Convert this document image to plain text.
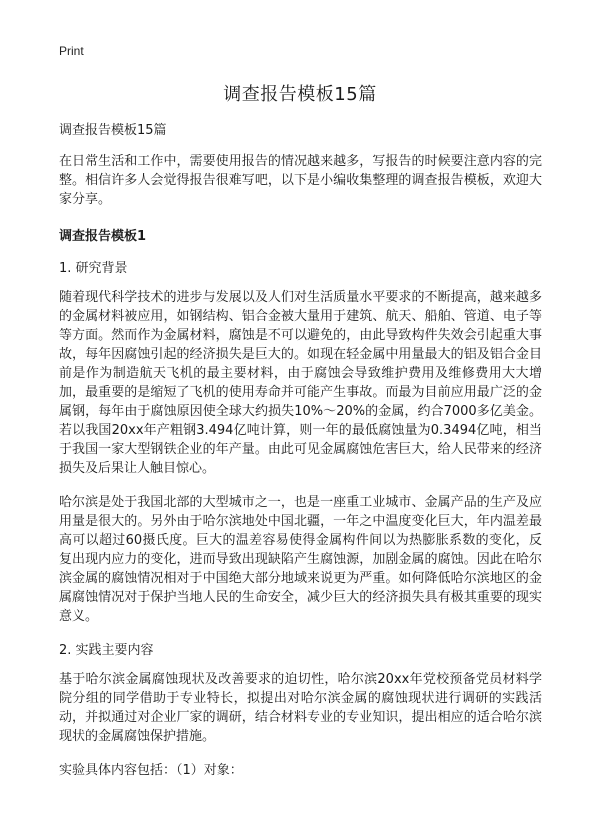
Print
调查报告模板15篇

调查报告模板15篇

在日常生活和工作中，需要使用报告的情况越来越多，写报告的时候要注意内容的完整。相信许多人会觉得报告很难写吧，以下是小编收集整理的调查报告模板，欢迎大家分享。

调查报告模板1

1. 研究背景

随着现代科学技术的进步与发展以及人们对生活质量水平要求的不断提高，越来越多的金属材料被应用，如钢结构、铝合金被大量用于建筑、航天、船舶、管道、电子等等方面。然而作为金属材料，腐蚀是不可以避免的，由此导致构件失效会引起重大事故，每年因腐蚀引起的经济损失是巨大的。如现在轻金属中用量最大的铝及铝合金目前是作为制造航天飞机的最主要材料，由于腐蚀会导致维护费用及维修费用大大增加，最重要的是缩短了飞机的使用寿命并可能产生事故。而最为目前应用最广泛的金属钢，每年由于腐蚀原因使全球大约损失10%～20%的金属，约合7000多亿美金。若以我国20xx年产粗钢3.494亿吨计算，则一年的最低腐蚀量为0.3494亿吨，相当于我国一家大型钢铁企业的年产量。由此可见金属腐蚀危害巨大，给人民带来的经济损失及后果让人触目惊心。

哈尔滨是处于我国北部的大型城市之一，也是一座重工业城市、金属产品的生产及应用量是很大的。另外由于哈尔滨地处中国北疆，一年之中温度变化巨大，年内温差最高可以超过60摄氏度。巨大的温差容易使得金属构件间以为热膨胀系数的变化，反复出现内应力的变化，进而导致出现缺陷产生腐蚀源，加剧金属的腐蚀。因此在哈尔滨金属的腐蚀情况相对于中国绝大部分地域来说更为严重。如何降低哈尔滨地区的金属腐蚀情况对于保护当地人民的生命安全，减少巨大的经济损失具有极其重要的现实意义。

2. 实践主要内容

基于哈尔滨金属腐蚀现状及改善要求的迫切性，哈尔滨20xx年党校预备党员材料学院分组的同学借助于专业特长，拟提出对哈尔滨金属的腐蚀现状进行调研的实践活动，并拟通过对企业厂家的调研，结合材料专业的专业知识，提出相应的适合哈尔滨现状的金属腐蚀保护措施。

实验具体内容包括：（1）对象：
